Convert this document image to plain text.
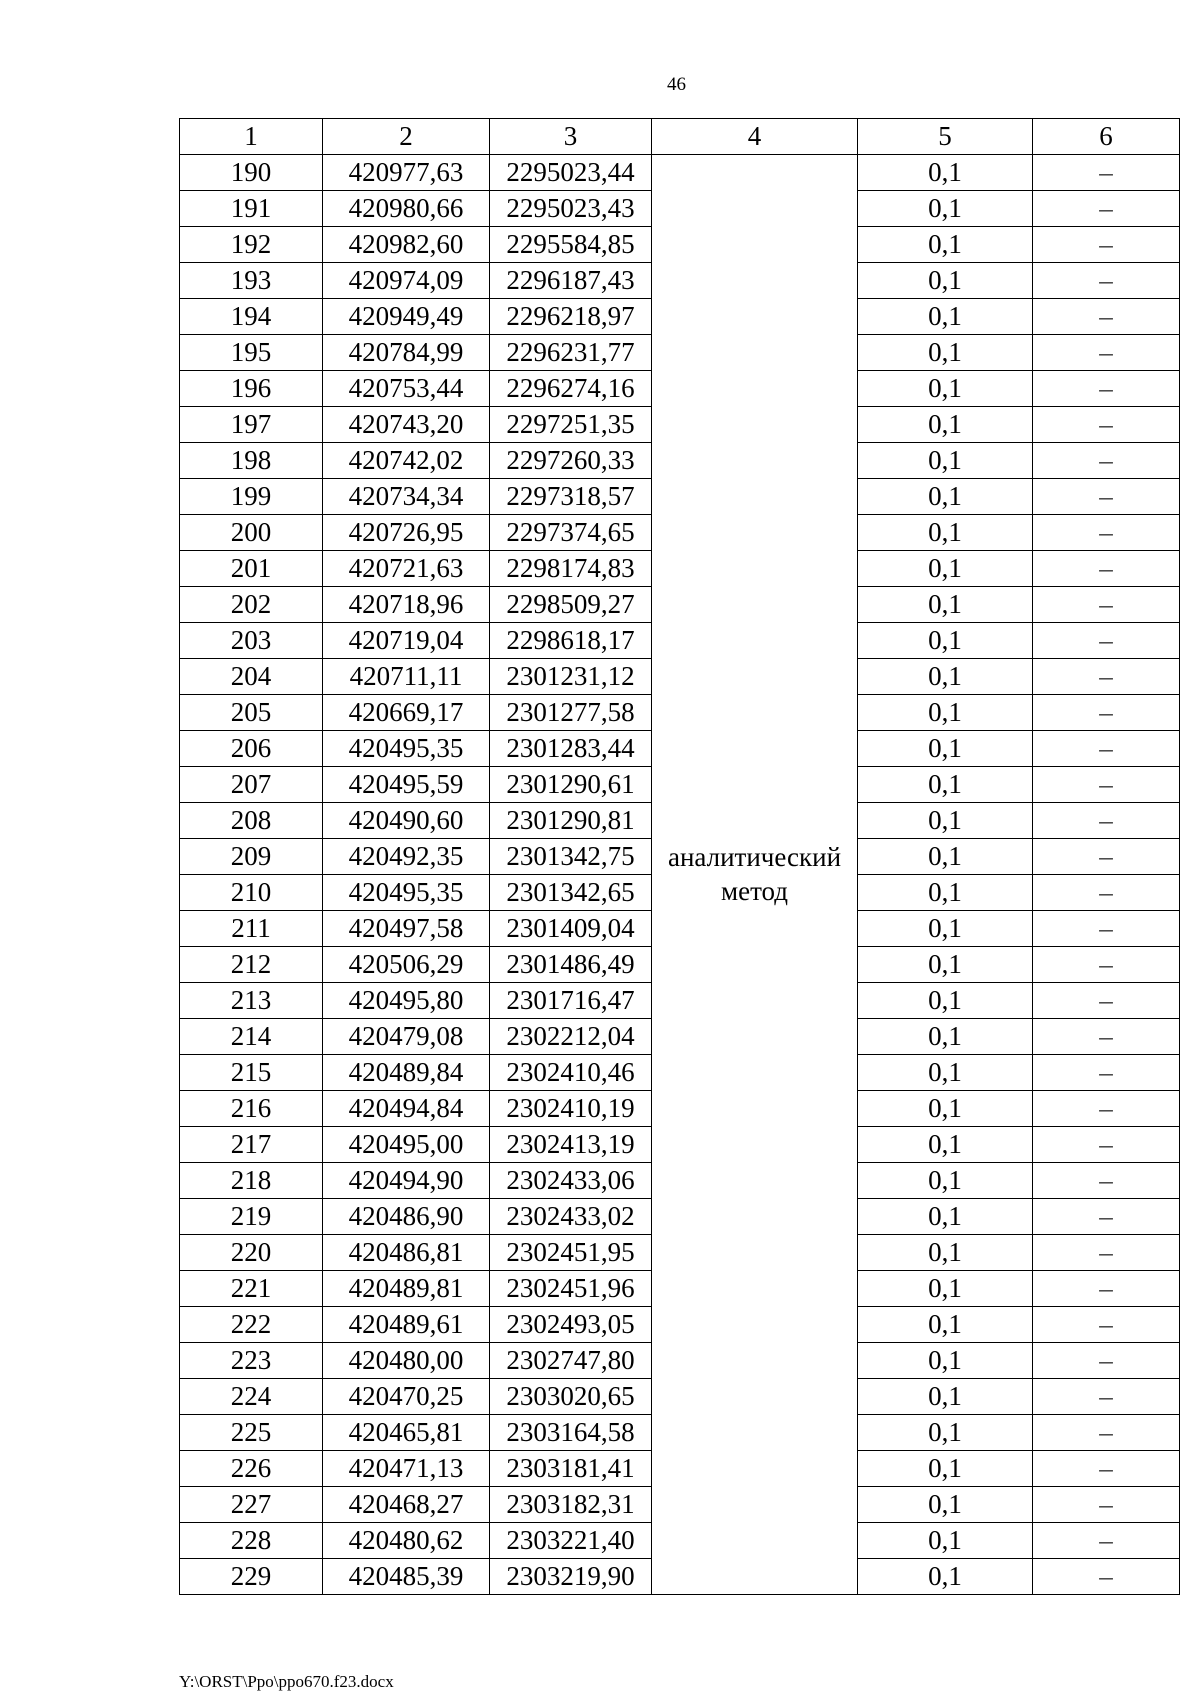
46
1	2	3	4	5	6
190	420977,63	2295023,44	аналитический метод	0,1	–
191	420980,66	2295023,43		0,1	–
192	420982,60	2295584,85		0,1	–
193	420974,09	2296187,43		0,1	–
194	420949,49	2296218,97		0,1	–
195	420784,99	2296231,77		0,1	–
196	420753,44	2296274,16		0,1	–
197	420743,20	2297251,35		0,1	–
198	420742,02	2297260,33		0,1	–
199	420734,34	2297318,57		0,1	–
200	420726,95	2297374,65		0,1	–
201	420721,63	2298174,83		0,1	–
202	420718,96	2298509,27		0,1	–
203	420719,04	2298618,17		0,1	–
204	420711,11	2301231,12		0,1	–
205	420669,17	2301277,58		0,1	–
206	420495,35	2301283,44		0,1	–
207	420495,59	2301290,61		0,1	–
208	420490,60	2301290,81		0,1	–
209	420492,35	2301342,75		0,1	–
210	420495,35	2301342,65		0,1	–
211	420497,58	2301409,04		0,1	–
212	420506,29	2301486,49		0,1	–
213	420495,80	2301716,47		0,1	–
214	420479,08	2302212,04		0,1	–
215	420489,84	2302410,46		0,1	–
216	420494,84	2302410,19		0,1	–
217	420495,00	2302413,19		0,1	–
218	420494,90	2302433,06		0,1	–
219	420486,90	2302433,02		0,1	–
220	420486,81	2302451,95		0,1	–
221	420489,81	2302451,96		0,1	–
222	420489,61	2302493,05		0,1	–
223	420480,00	2302747,80		0,1	–
224	420470,25	2303020,65		0,1	–
225	420465,81	2303164,58		0,1	–
226	420471,13	2303181,41		0,1	–
227	420468,27	2303182,31		0,1	–
228	420480,62	2303221,40		0,1	–
229	420485,39	2303219,90		0,1	–
Y:\ORST\Ppo\ppo670.f23.docx
